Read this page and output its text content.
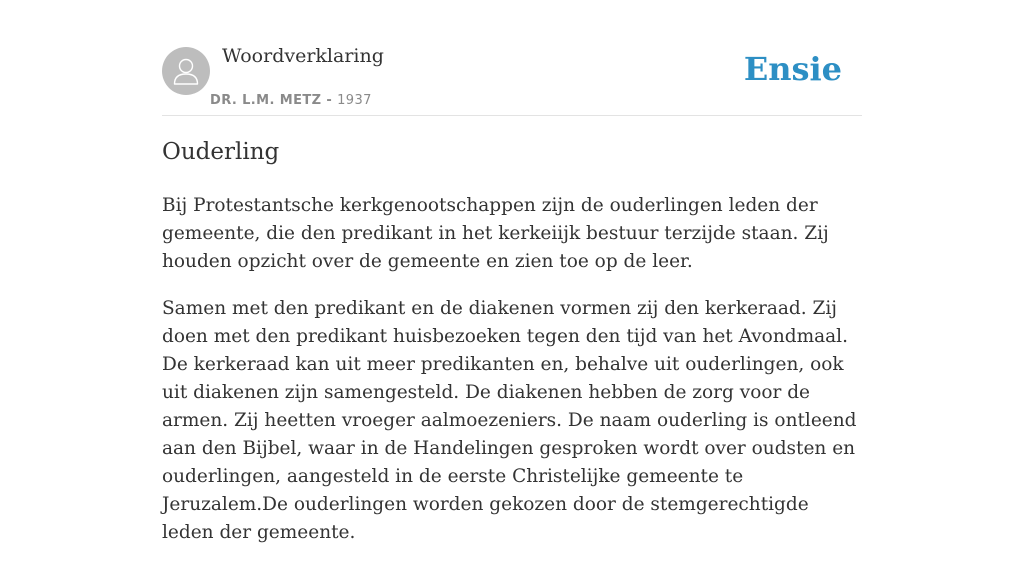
Woordverklaring
DR. L.M. METZ - 1937
Ensie
Ouderling

Bij Protestantsche kerkgenootschappen zijn de ouderlingen leden der gemeente, die den predikant in het kerkeiijk bestuur terzijde staan. Zij houden opzicht over de gemeente en zien toe op de leer.

Samen met den predikant en de diakenen vormen zij den kerkeraad. Zij doen met den predikant huisbezoeken tegen den tijd van het Avondmaal. De kerkeraad kan uit meer predikanten en, behalve uit ouderlingen, ook uit diakenen zijn samengesteld. De diakenen hebben de zorg voor de armen. Zij heetten vroeger aalmoezeniers. De naam ouderling is ontleend aan den Bijbel, waar in de Handelingen gesproken wordt over oudsten en ouderlingen, aangesteld in de eerste Christelijke gemeente te Jeruzalem.De ouderlingen worden gekozen door de stemgerechtigde leden der gemeente.
